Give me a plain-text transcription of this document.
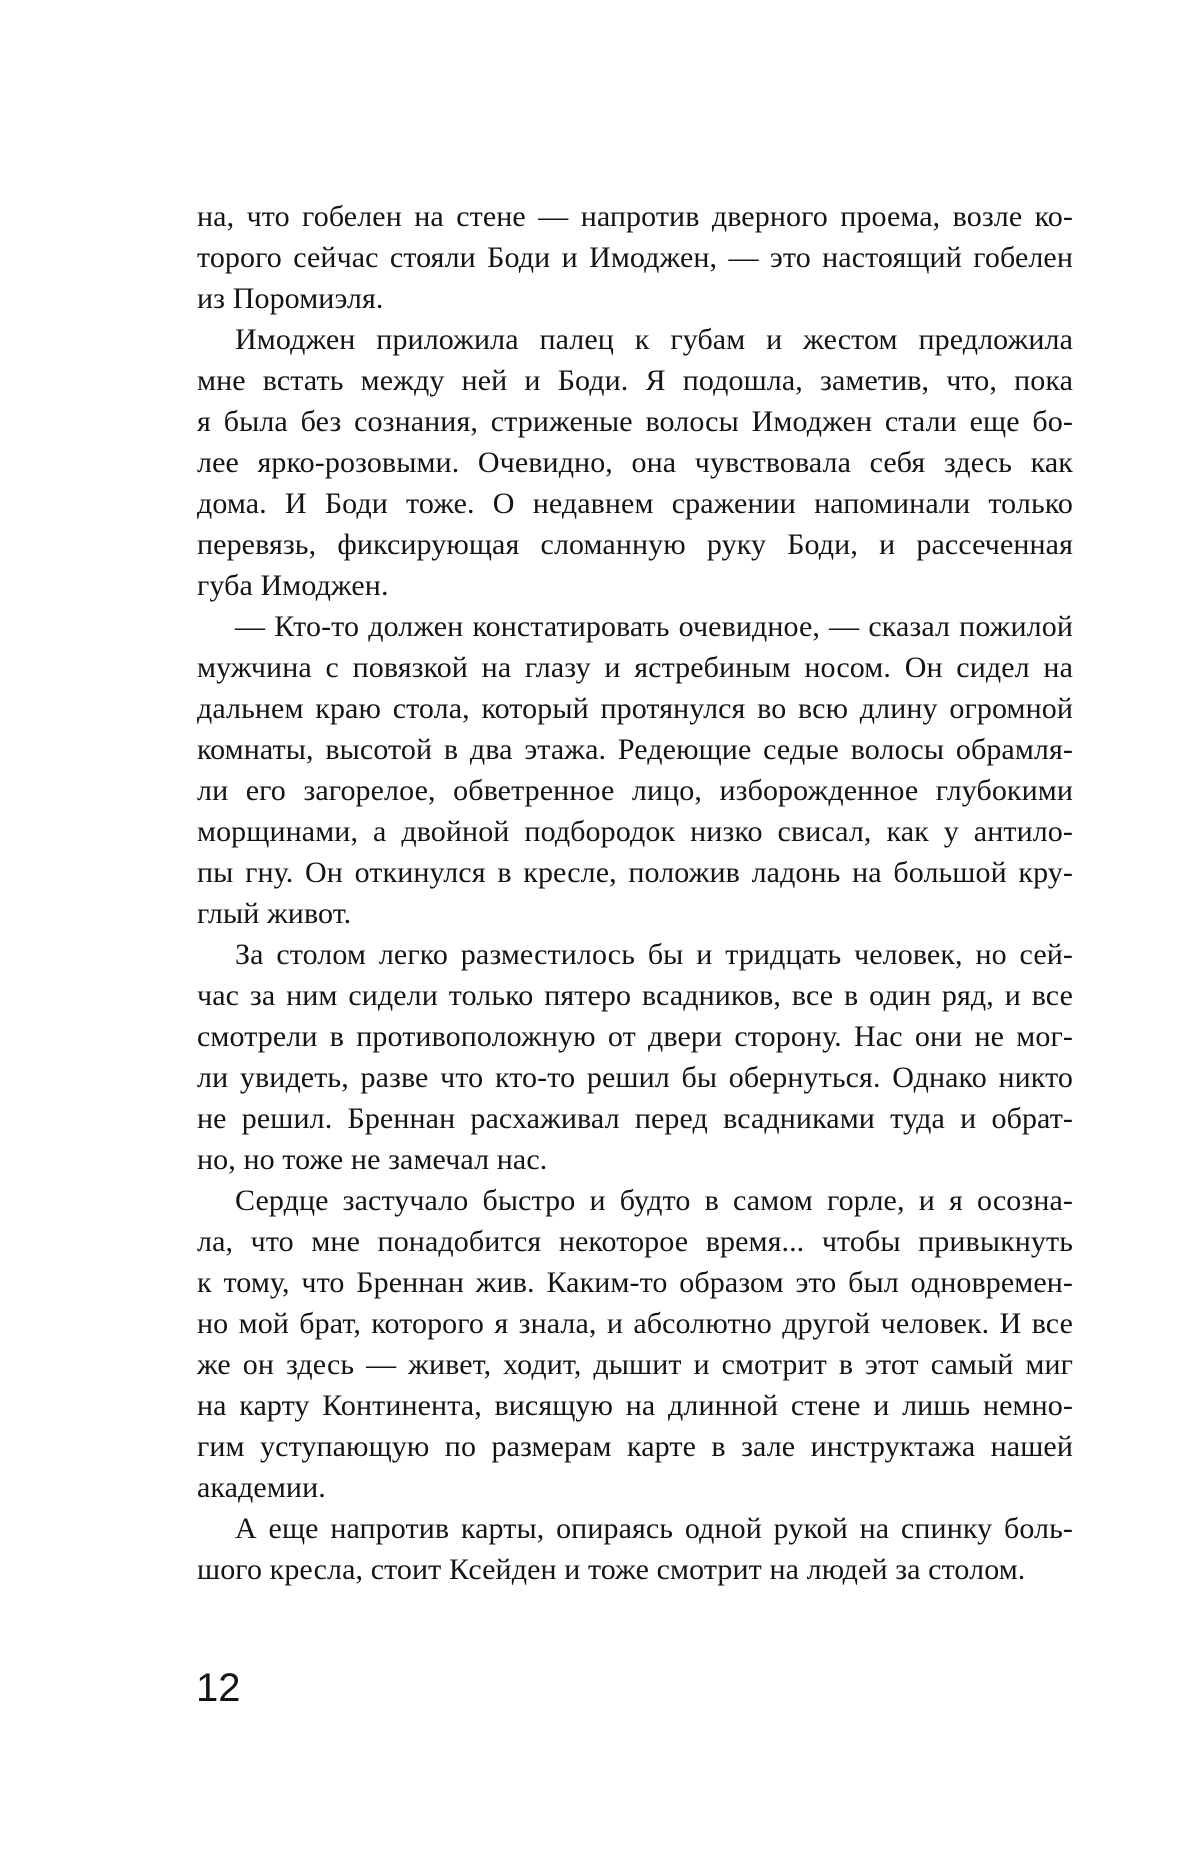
на, что гобелен на стене — напротив дверного проема, возле ко-
торого сейчас стояли Боди и Имоджен, — это настоящий гобелен
из Поромиэля.
Имоджен приложила палец к губам и жестом предложила
мне встать между ней и Боди. Я подошла, заметив, что, пока
я была без сознания, стриженые волосы Имоджен стали еще бо-
лее ярко-розовыми. Очевидно, она чувствовала себя здесь как
дома. И Боди тоже. О недавнем сражении напоминали только
перевязь, фиксирующая сломанную руку Боди, и рассеченная
губа Имоджен.
— Кто-то должен констатировать очевидное, — сказал пожилой
мужчина с повязкой на глазу и ястребиным носом. Он сидел на
дальнем краю стола, который протянулся во всю длину огромной
комнаты, высотой в два этажа. Редеющие седые волосы обрамля-
ли его загорелое, обветренное лицо, изборожденное глубокими
морщинами, а двойной подбородок низко свисал, как у антило-
пы гну. Он откинулся в кресле, положив ладонь на большой кру-
глый живот.
За столом легко разместилось бы и тридцать человек, но сей-
час за ним сидели только пятеро всадников, все в один ряд, и все
смотрели в противоположную от двери сторону. Нас они не мог-
ли увидеть, разве что кто-то решил бы обернуться. Однако никто
не решил. Бреннан расхаживал перед всадниками туда и обрат-
но, но тоже не замечал нас.
Сердце застучало быстро и будто в самом горле, и я осозна-
ла, что мне понадобится некоторое время... чтобы привыкнуть
к тому, что Бреннан жив. Каким-то образом это был одновремен-
но мой брат, которого я знала, и абсолютно другой человек. И все
же он здесь — живет, ходит, дышит и смотрит в этот самый миг
на карту Континента, висящую на длинной стене и лишь немно-
гим уступающую по размерам карте в зале инструктажа нашей
академии.
А еще напротив карты, опираясь одной рукой на спинку боль-
шого кресла, стоит Ксейден и тоже смотрит на людей за столом.
12
